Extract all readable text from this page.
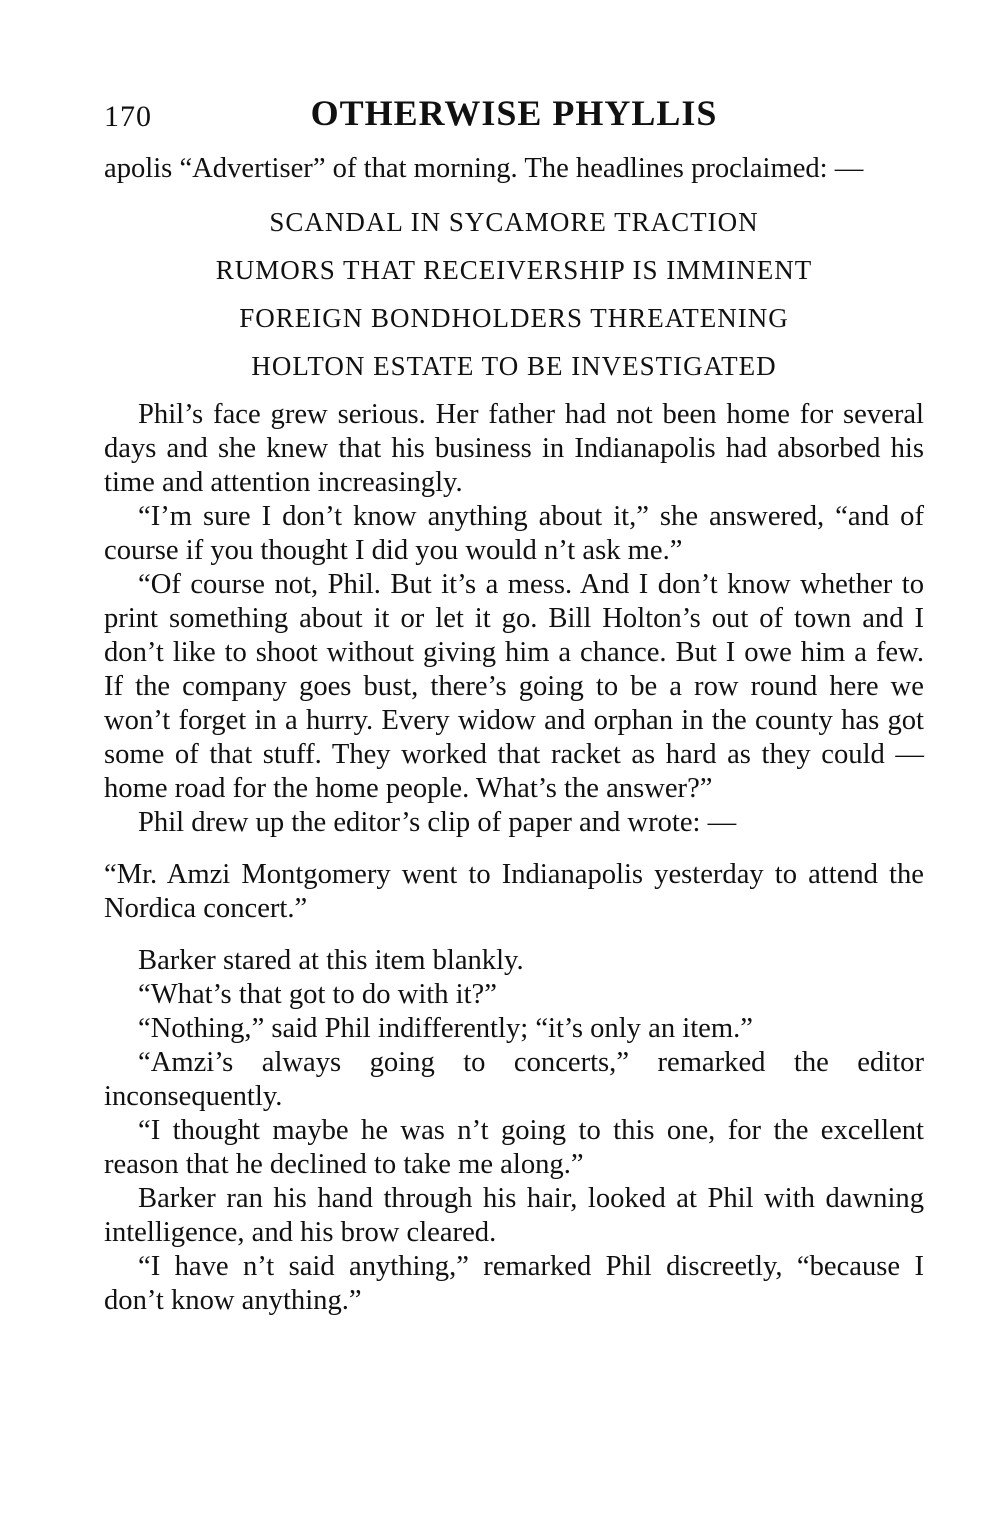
170	OTHERWISE PHYLLIS

apolis “Advertiser” of that morning. The headlines proclaimed: —

SCANDAL IN SYCAMORE TRACTION
RUMORS THAT RECEIVERSHIP IS IMMINENT
FOREIGN BONDHOLDERS THREATENING
HOLTON ESTATE TO BE INVESTIGATED

Phil’s face grew serious. Her father had not been home for several days and she knew that his business in Indianapolis had absorbed his time and attention increasingly.

“I’m sure I don’t know anything about it,” she answered, “and of course if you thought I did you would n’t ask me.”

“Of course not, Phil. But it’s a mess. And I don’t know whether to print something about it or let it go. Bill Holton’s out of town and I don’t like to shoot without giving him a chance. But I owe him a few. If the company goes bust, there’s going to be a row round here we won’t forget in a hurry. Every widow and orphan in the county has got some of that stuff. They worked that racket as hard as they could — home road for the home people. What’s the answer?”

Phil drew up the editor’s clip of paper and wrote: —

“Mr. Amzi Montgomery went to Indianapolis yesterday to attend the Nordica concert.”

Barker stared at this item blankly.

“What’s that got to do with it?”

“Nothing,” said Phil indifferently; “it’s only an item.”

“Amzi’s always going to concerts,” remarked the editor inconsequently.

“I thought maybe he was n’t going to this one, for the excellent reason that he declined to take me along.”

Barker ran his hand through his hair, looked at Phil with dawning intelligence, and his brow cleared.

“I have n’t said anything,” remarked Phil discreetly, “because I don’t know anything.”
